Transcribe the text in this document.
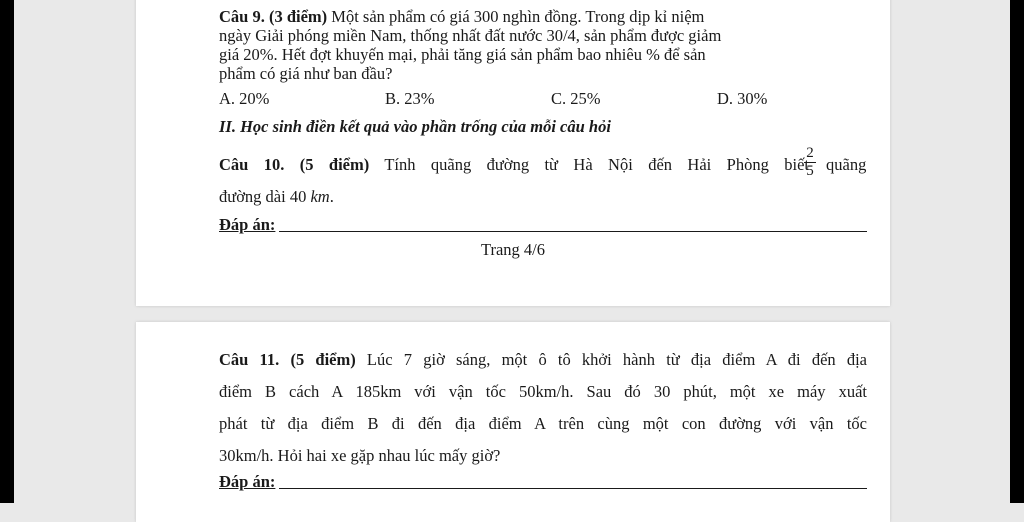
Câu 9. (3 điểm) Một sản phẩm có giá 300 nghìn đồng. Trong dịp kỉ niệm

ngày Giải phóng miền Nam, thống nhất đất nước 30/4, sản phẩm được giảm

giá 20%. Hết đợt khuyến mại, phải tăng giá sản phẩm bao nhiêu % để sản

phẩm có giá như ban đầu?

A. 20%	B. 23%	C. 25%	D. 30%
II. Học sinh điền kết quả vào phần trống của mỗi câu hỏi
Câu 10. (5 điểm) Tính quãng đường từ Hà Nội đến Hải Phòng biết
$\frac{2}{5}$ quãng
đường dài 40 km.
Đáp án:
Trang 4/6

Câu 11. (5 điểm) Lúc 7 giờ sáng, một ô tô khởi hành từ địa điểm A đi đến địa

điểm B cách A 185km với vận tốc 50km/h. Sau đó 30 phút, một xe máy xuất

phát từ địa điểm B đi đến địa điểm A trên cùng một con đường với vận tốc

30km/h. Hỏi hai xe gặp nhau lúc mấy giờ?

Đáp án:
